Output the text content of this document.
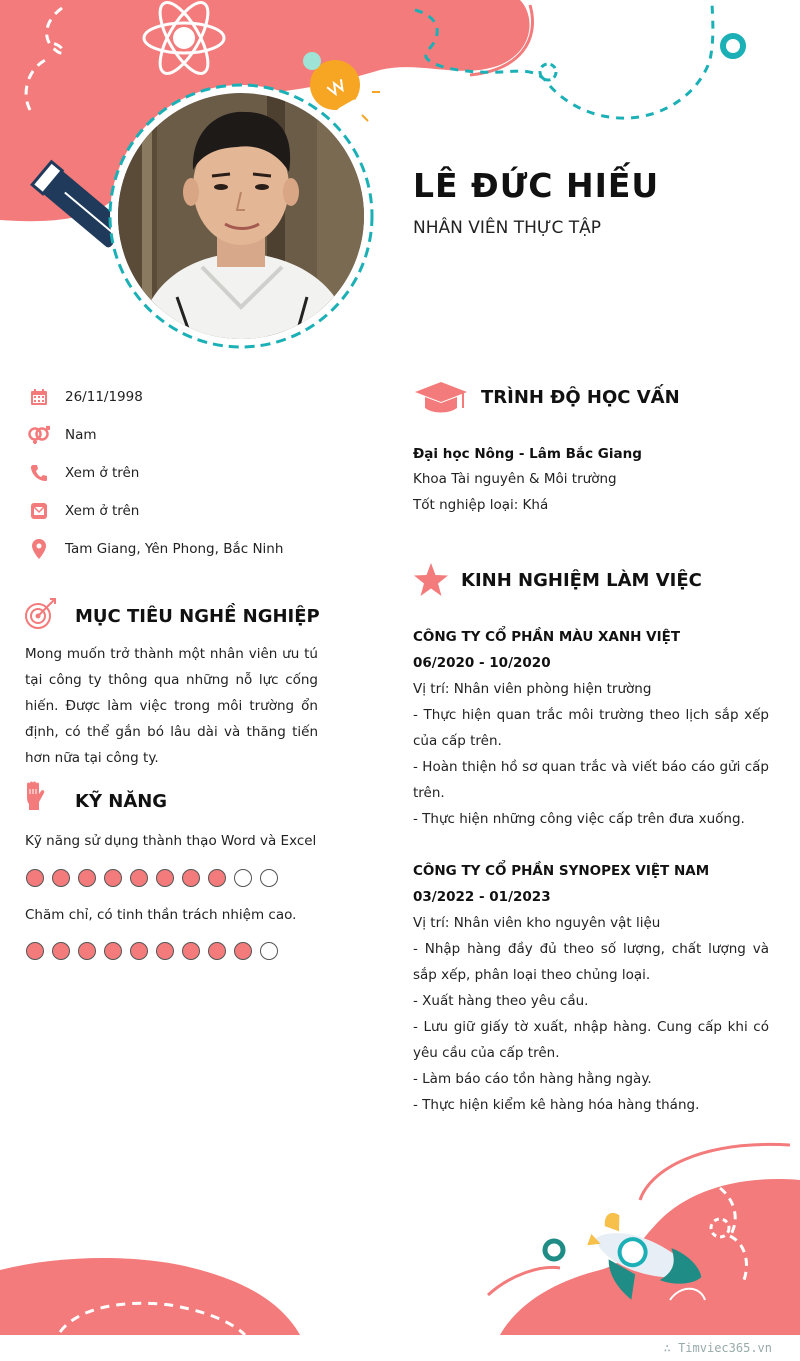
LÊ ĐỨC HIẾU
NHÂN VIÊN THỰC TẬP
26/11/1998
Nam
Xem ở trên
Xem ở trên
Tam Giang, Yên Phong, Bắc Ninh
MỤC TIÊU NGHỀ NGHIỆP
Mong muốn trở thành một nhân viên ưu tú tại công ty thông qua những nỗ lực cống hiến. Được làm việc trong môi trường ổn định, có thể gắn bó lâu dài và thăng tiến hơn nữa tại công ty.
KỸ NĂNG
Kỹ năng sử dụng thành thạo Word và Excel
Chăm chỉ, có tinh thần trách nhiệm cao.
TRÌNH ĐỘ HỌC VẤN
Đại học Nông - Lâm Bắc Giang
Khoa Tài nguyên & Môi trường
Tốt nghiệp loại: Khá
KINH NGHIỆM LÀM VIỆC

CÔNG TY CỔ PHẦN MÀU XANH VIỆT

06/2020 - 10/2020

Vị trí: Nhân viên phòng hiện trường

- Thực hiện quan trắc môi trường theo lịch sắp xếp của cấp trên.

- Hoàn thiện hồ sơ quan trắc và viết báo cáo gửi cấp trên.

- Thực hiện những công việc cấp trên đưa xuống.

CÔNG TY CỔ PHẦN SYNOPEX VIỆT NAM

03/2022 - 01/2023

Vị trí: Nhân viên kho nguyên vật liệu

- Nhập hàng đầy đủ theo số lượng, chất lượng và sắp xếp, phân loại theo chủng loại.

- Xuất hàng theo yêu cầu.

- Lưu giữ giấy tờ xuất, nhập hàng. Cung cấp khi có yêu cầu của cấp trên.

- Làm báo cáo tồn hàng hằng ngày.

- Thực hiện kiểm kê hàng hóa hàng tháng.

∴ Timviec365.vn
